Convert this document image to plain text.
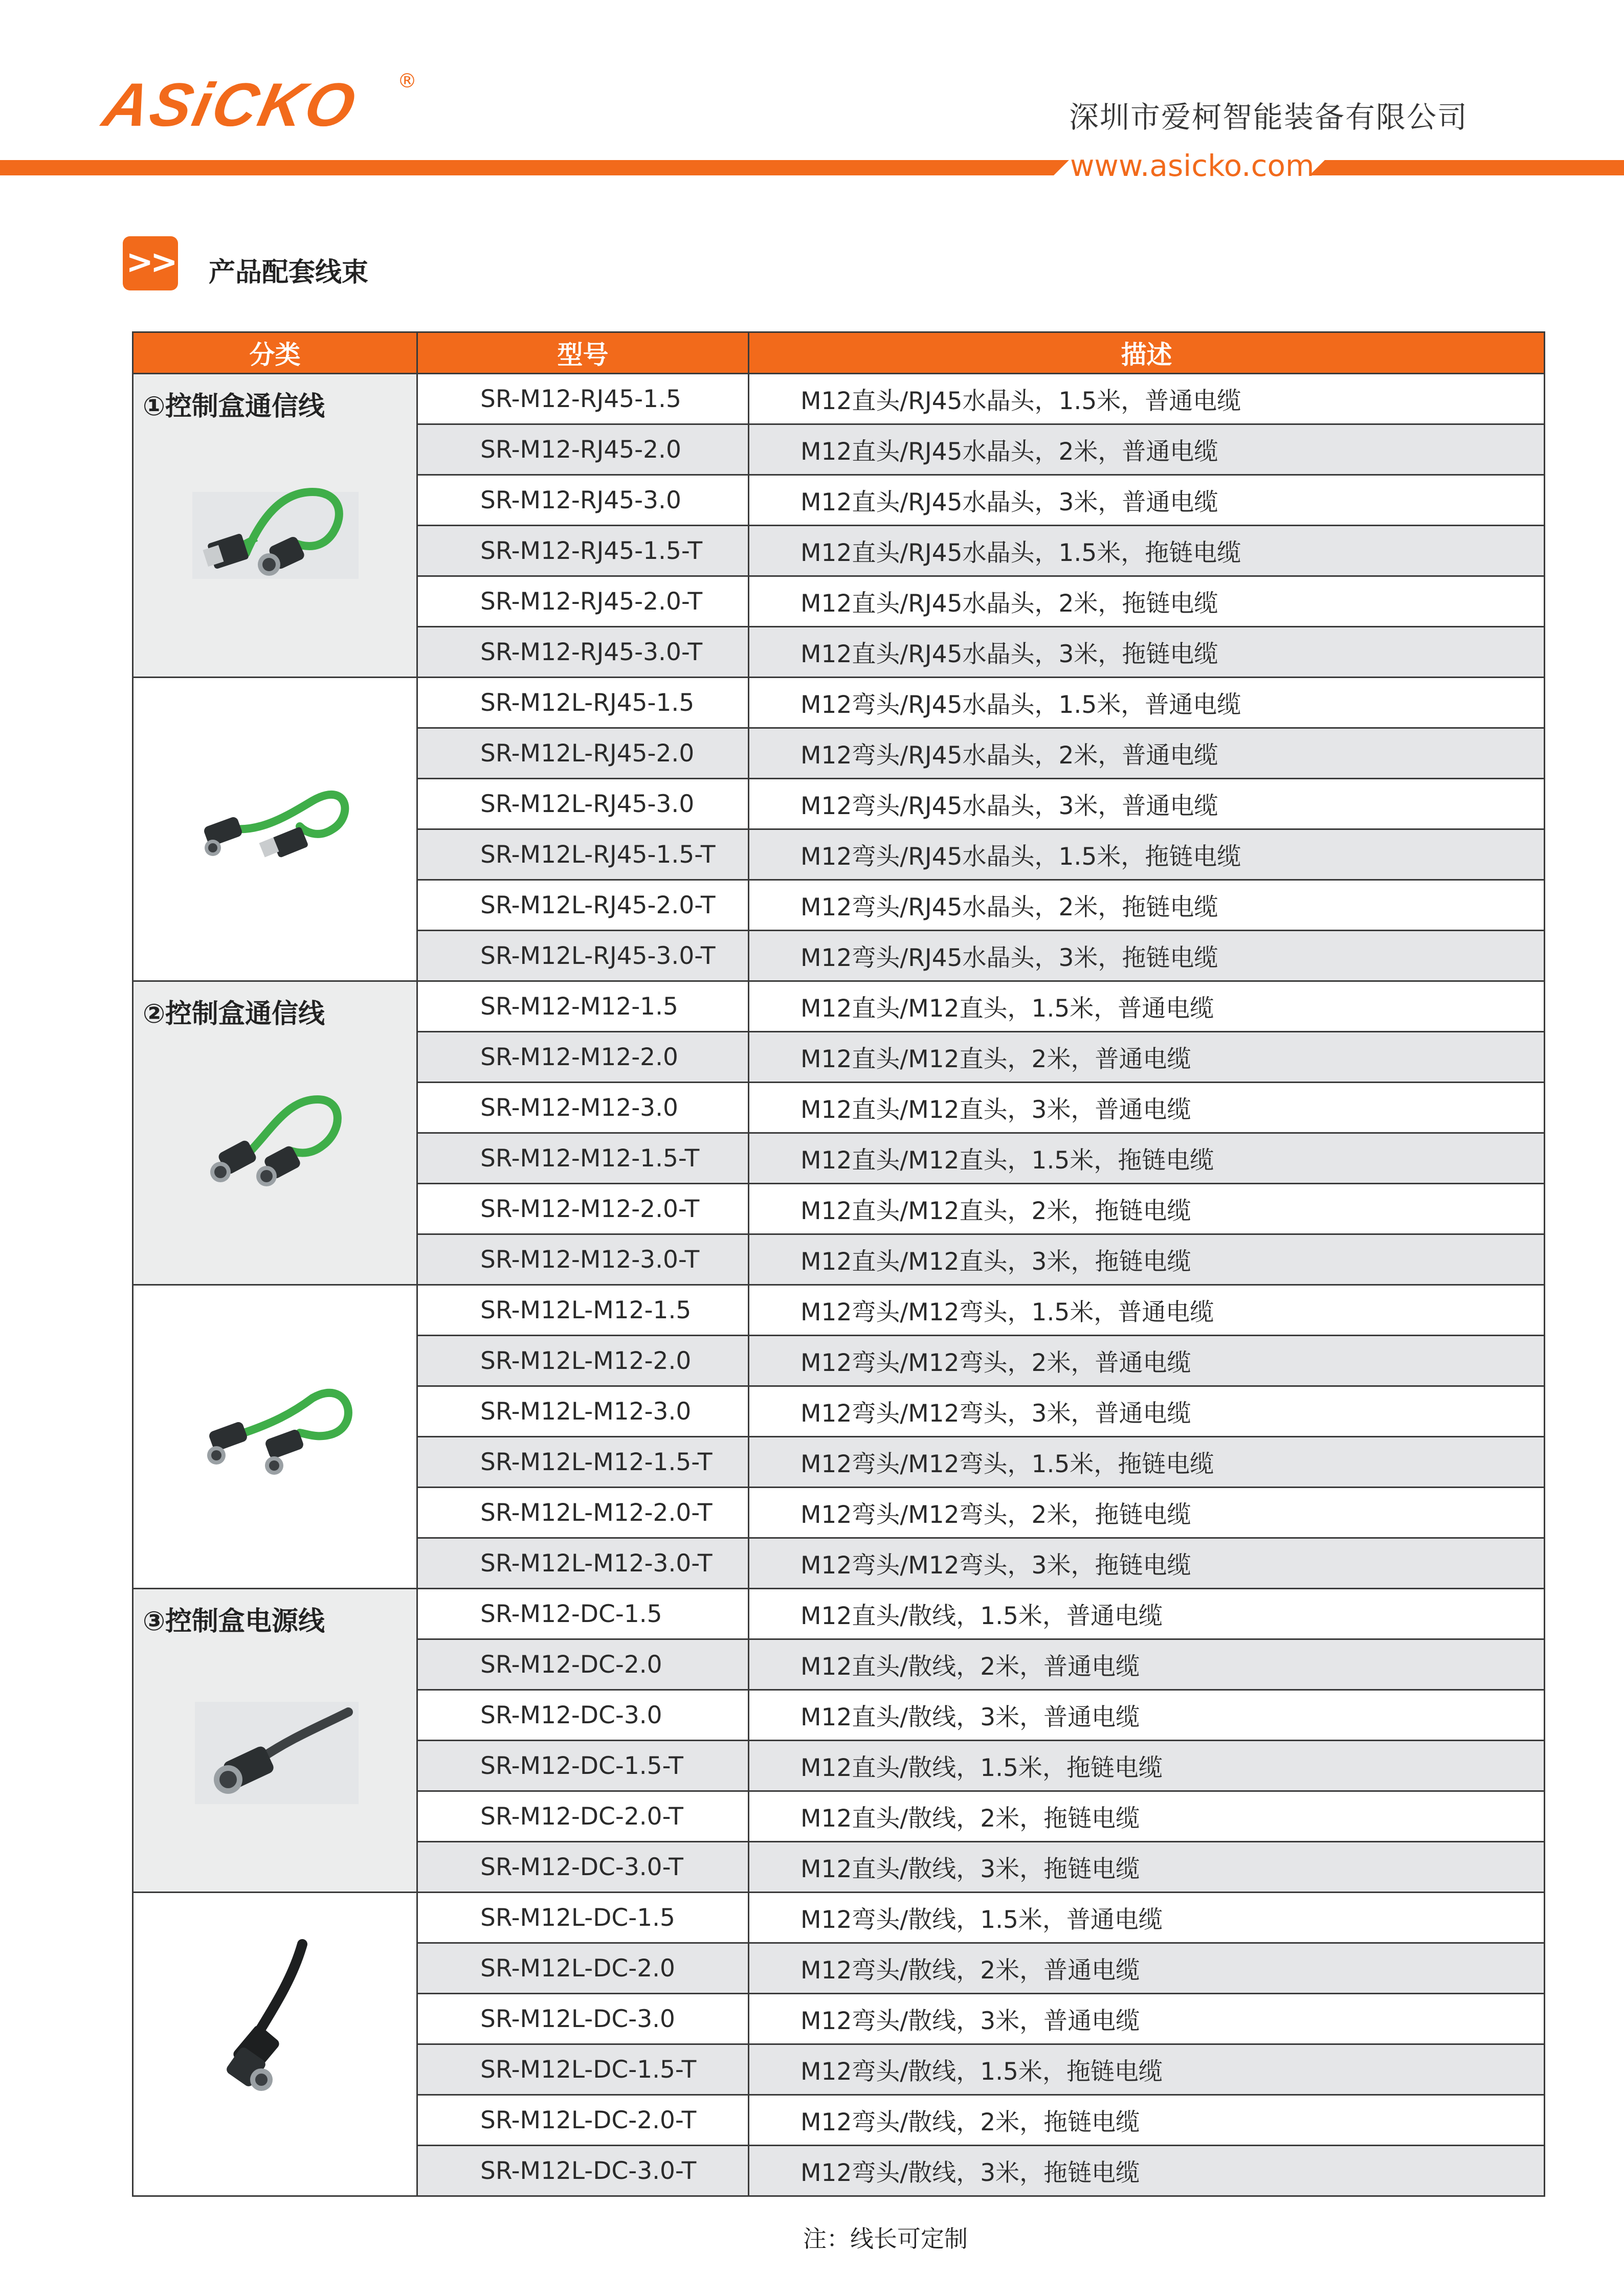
ASiCKO ®
深圳市爱柯智能装备有限公司
www.asicko.com
>> 产品配套线束
分类	型号	描述

①控制盒通信线	SR-M12-RJ45-1.5	M12直头/RJ45水晶头，1.5米，普通电缆
	SR-M12-RJ45-2.0	M12直头/RJ45水晶头，2米，普通电缆
	SR-M12-RJ45-3.0	M12直头/RJ45水晶头，3米，普通电缆
	SR-M12-RJ45-1.5-T	M12直头/RJ45水晶头，1.5米，拖链电缆
	SR-M12-RJ45-2.0-T	M12直头/RJ45水晶头，2米，拖链电缆
	SR-M12-RJ45-3.0-T	M12直头/RJ45水晶头，3米，拖链电缆

	SR-M12L-RJ45-1.5	M12弯头/RJ45水晶头，1.5米，普通电缆
	SR-M12L-RJ45-2.0	M12弯头/RJ45水晶头，2米，普通电缆
	SR-M12L-RJ45-3.0	M12弯头/RJ45水晶头，3米，普通电缆
	SR-M12L-RJ45-1.5-T	M12弯头/RJ45水晶头，1.5米，拖链电缆
	SR-M12L-RJ45-2.0-T	M12弯头/RJ45水晶头，2米，拖链电缆
	SR-M12L-RJ45-3.0-T	M12弯头/RJ45水晶头，3米，拖链电缆

②控制盒通信线	SR-M12-M12-1.5	M12直头/M12直头，1.5米，普通电缆
	SR-M12-M12-2.0	M12直头/M12直头，2米，普通电缆
	SR-M12-M12-3.0	M12直头/M12直头，3米，普通电缆
	SR-M12-M12-1.5-T	M12直头/M12直头，1.5米，拖链电缆
	SR-M12-M12-2.0-T	M12直头/M12直头，2米，拖链电缆
	SR-M12-M12-3.0-T	M12直头/M12直头，3米，拖链电缆

	SR-M12L-M12-1.5	M12弯头/M12弯头，1.5米，普通电缆
	SR-M12L-M12-2.0	M12弯头/M12弯头，2米，普通电缆
	SR-M12L-M12-3.0	M12弯头/M12弯头，3米，普通电缆
	SR-M12L-M12-1.5-T	M12弯头/M12弯头，1.5米，拖链电缆
	SR-M12L-M12-2.0-T	M12弯头/M12弯头，2米，拖链电缆
	SR-M12L-M12-3.0-T	M12弯头/M12弯头，3米，拖链电缆

③控制盒电源线	SR-M12-DC-1.5	M12直头/散线，1.5米，普通电缆
	SR-M12-DC-2.0	M12直头/散线，2米，普通电缆
	SR-M12-DC-3.0	M12直头/散线，3米，普通电缆
	SR-M12-DC-1.5-T	M12直头/散线，1.5米，拖链电缆
	SR-M12-DC-2.0-T	M12直头/散线，2米，拖链电缆
	SR-M12-DC-3.0-T	M12直头/散线，3米，拖链电缆

	SR-M12L-DC-1.5	M12弯头/散线，1.5米，普通电缆
	SR-M12L-DC-2.0	M12弯头/散线，2米，普通电缆
	SR-M12L-DC-3.0	M12弯头/散线，3米，普通电缆
	SR-M12L-DC-1.5-T	M12弯头/散线，1.5米，拖链电缆
	SR-M12L-DC-2.0-T	M12弯头/散线，2米，拖链电缆
	SR-M12L-DC-3.0-T	M12弯头/散线，3米，拖链电缆
注：线长可定制
